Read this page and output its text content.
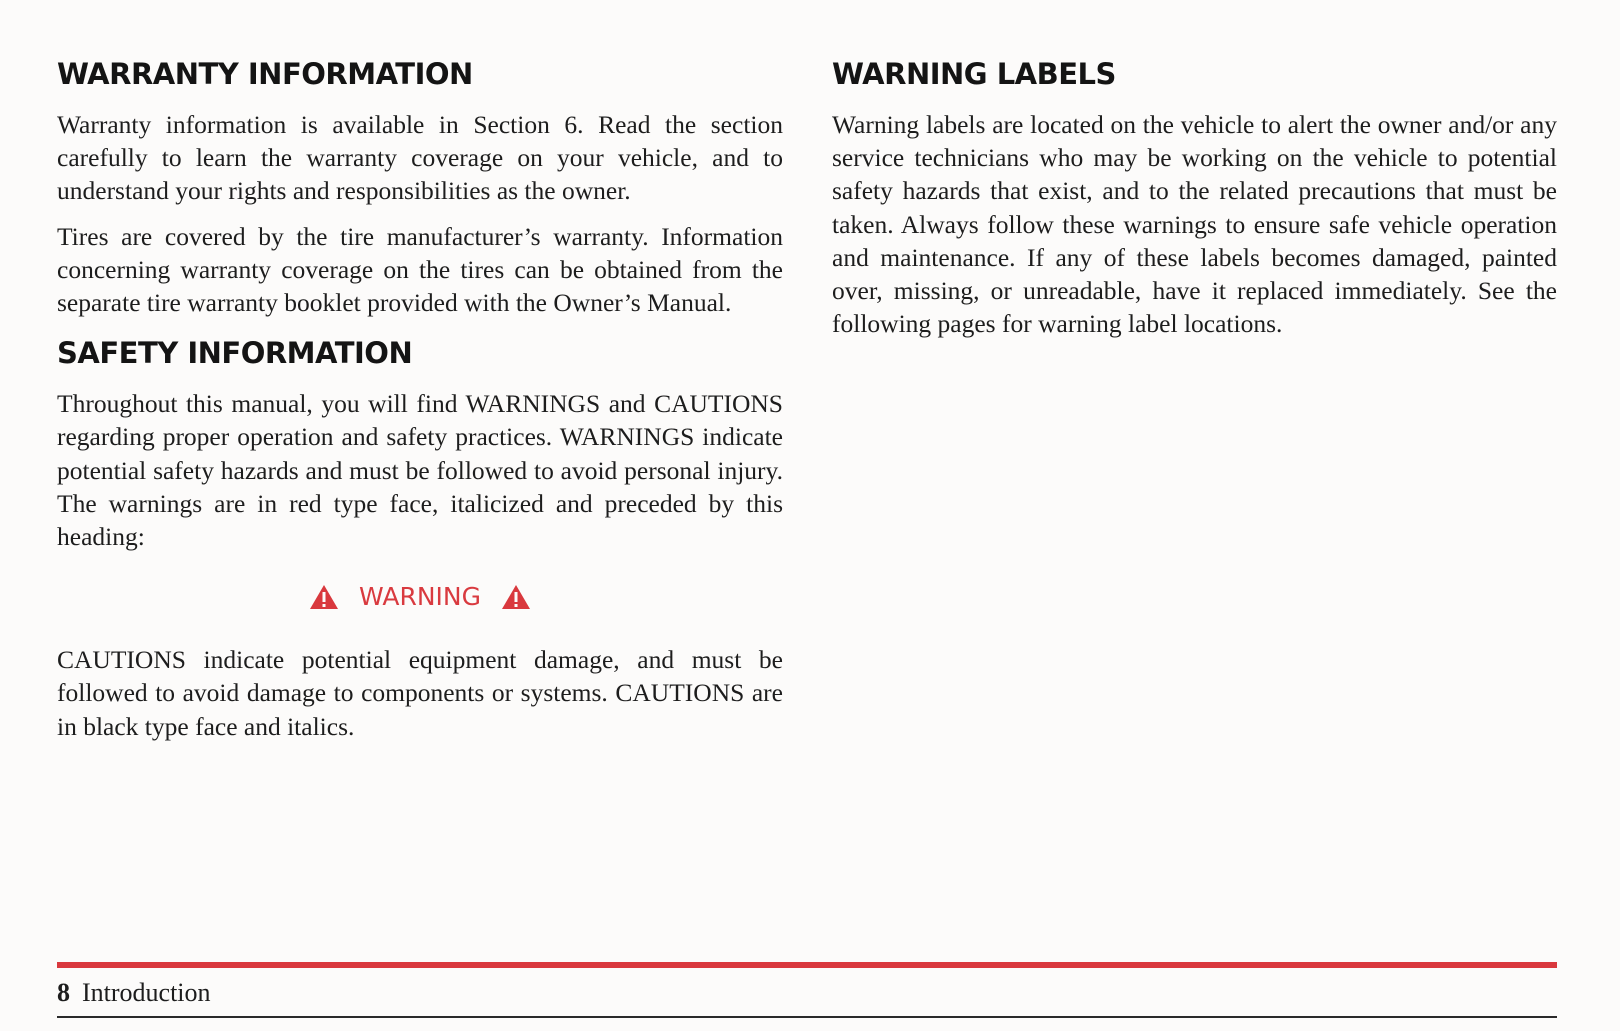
WARRANTY INFORMATION

Warranty information is available in Section 6. Read the section carefully to learn the warranty coverage on your vehicle, and to understand your rights and responsibilities as the owner.

Tires are covered by the tire manufacturer’s warranty. Information concerning warranty coverage on the tires can be obtained from the separate tire warranty booklet provided with the Owner’s Manual.

SAFETY INFORMATION

Throughout this manual, you will find WARNINGS and CAUTIONS regarding proper operation and safety practices. WARNINGS indicate potential safety hazards and must be followed to avoid personal injury. The warnings are in red type face, italicized and preceded by this heading:

WARNING

CAUTIONS indicate potential equipment damage, and must be followed to avoid damage to components or systems. CAUTIONS are in black type face and italics.

WARNING LABELS

Warning labels are located on the vehicle to alert the owner and/or any service technicians who may be working on the vehicle to potential safety hazards that exist, and to the related precautions that must be taken. Always follow these warnings to ensure safe vehicle operation and maintenance. If any of these labels becomes damaged, painted over, missing, or unreadable, have it replaced immediately. See the following pages for warning label locations.

8 Introduction
